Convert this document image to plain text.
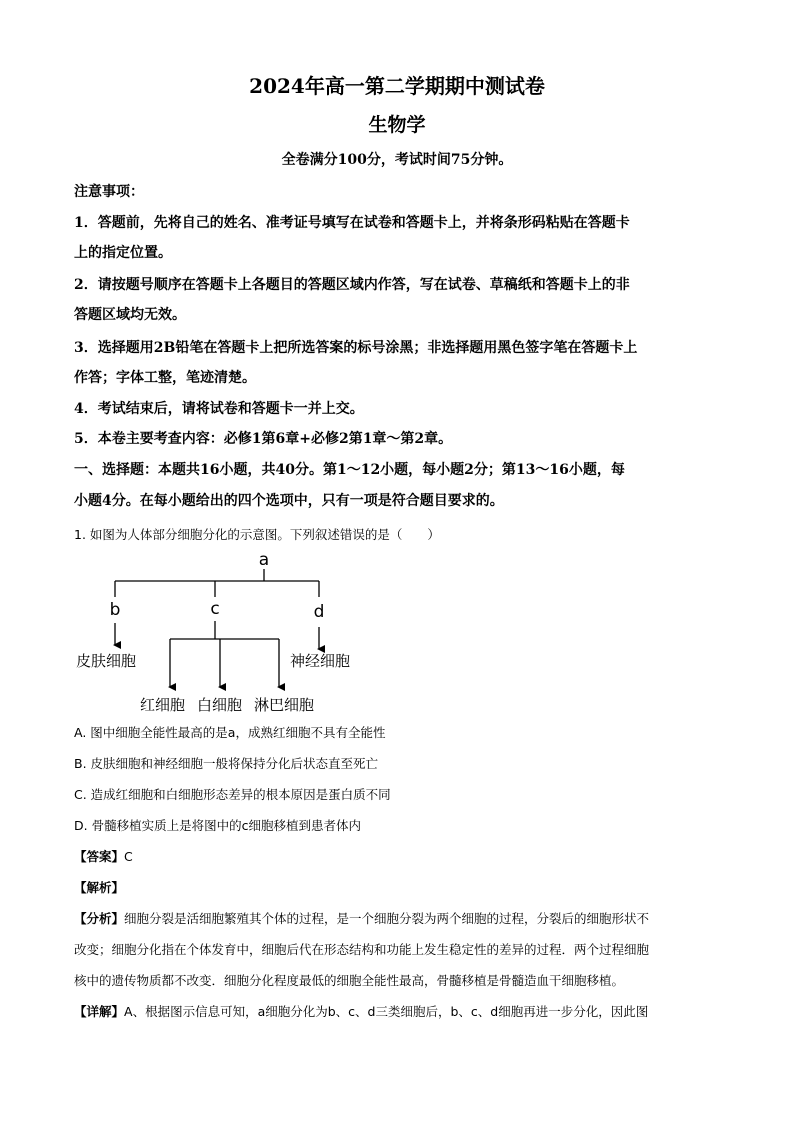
2024年高一第二学期期中测试卷
生物学
全卷满分100分，考试时间75分钟。
注意事项：
1．答题前，先将自己的姓名、准考证号填写在试卷和答题卡上，并将条形码粘贴在答题卡
上的指定位置。
2．请按题号顺序在答题卡上各题目的答题区域内作答，写在试卷、草稿纸和答题卡上的非
答题区域均无效。
3．选择题用2B铅笔在答题卡上把所选答案的标号涂黑；非选择题用黑色签字笔在答题卡上
作答；字体工整，笔迹清楚。
4．考试结束后，请将试卷和答题卡一并上交。
5．本卷主要考查内容：必修1第6章+必修2第1章～第2章。
一、选择题：本题共16小题，共40分。第1～12小题，每小题2分；第13～16小题，每
小题4分。在每小题给出的四个选项中，只有一项是符合题目要求的。
1. 如图为人体部分细胞分化的示意图。下列叙述错误的是（　　）
a
b	c	d
皮肤细胞	神经细胞
红细胞 白细胞 淋巴细胞
A. 图中细胞全能性最高的是a，成熟红细胞不具有全能性
B. 皮肤细胞和神经细胞一般将保持分化后状态直至死亡
C. 造成红细胞和白细胞形态差异的根本原因是蛋白质不同
D. 骨髓移植实质上是将图中的c细胞移植到患者体内
【答案】C
【解析】
【分析】细胞分裂是活细胞繁殖其个体的过程，是一个细胞分裂为两个细胞的过程，分裂后的细胞形状不
改变；细胞分化指在个体发育中，细胞后代在形态结构和功能上发生稳定性的差异的过程．两个过程细胞
核中的遗传物质都不改变．细胞分化程度最低的细胞全能性最高，骨髓移植是骨髓造血干细胞移植。
【详解】A、根据图示信息可知，a细胞分化为b、c、d三类细胞后，b、c、d细胞再进一步分化，因此图
